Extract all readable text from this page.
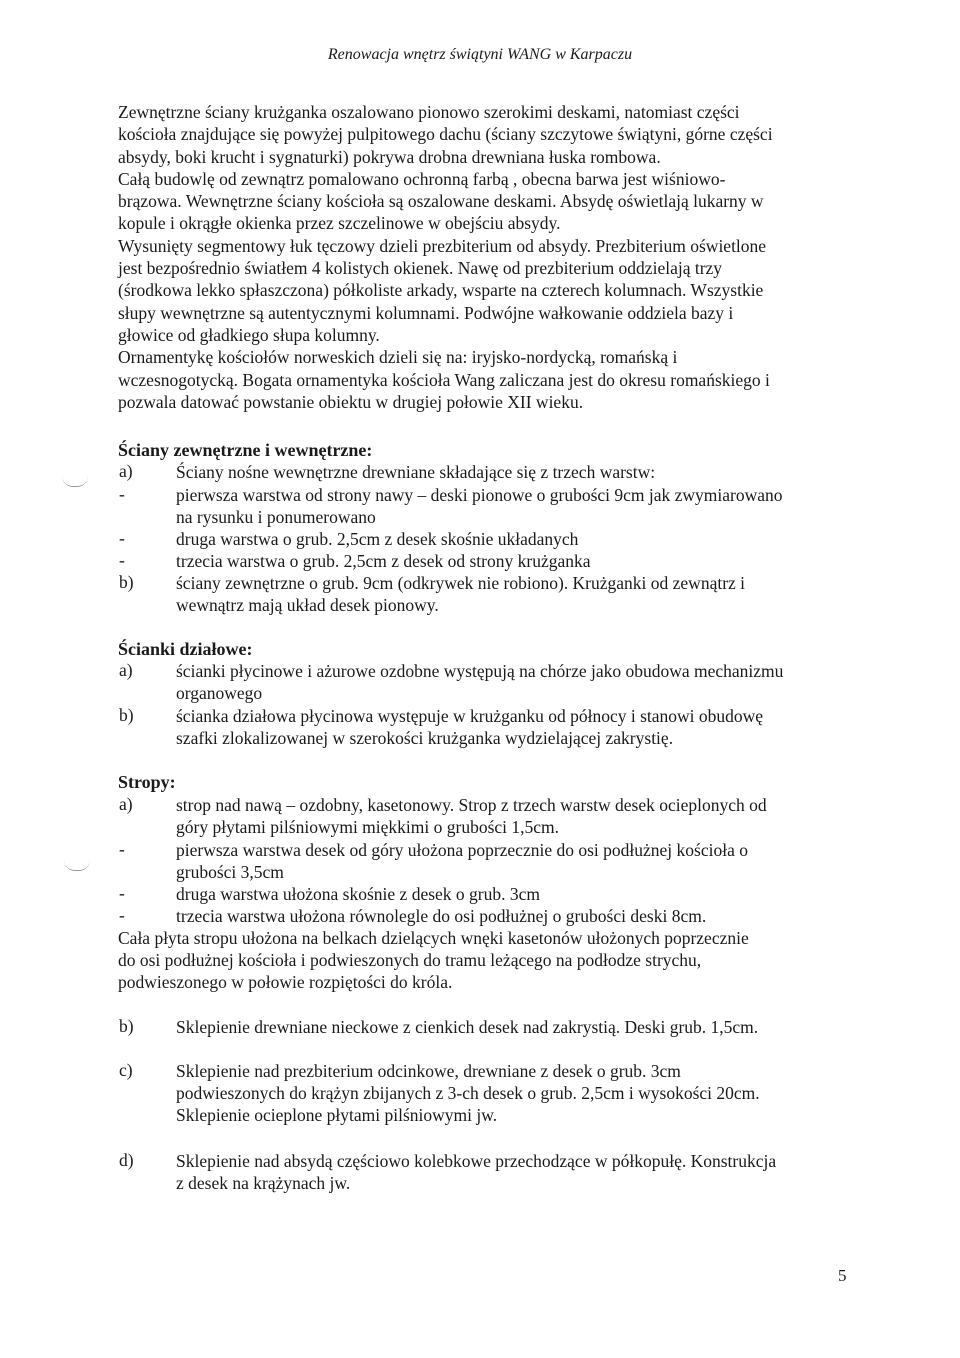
Renowacja wnętrz świątyni WANG w Karpaczu
Zewnętrzne ściany krużganka oszalowano pionowo szerokimi deskami, natomiast części
kościoła znajdujące się powyżej pulpitowego dachu (ściany szczytowe świątyni, górne części
absydy, boki krucht i sygnaturki) pokrywa drobna drewniana łuska rombowa.
Całą budowlę od zewnątrz pomalowano ochronną farbą , obecna barwa jest wiśniowo-
brązowa. Wewnętrzne ściany kościoła są oszalowane deskami. Absydę oświetlają lukarny w
kopule i okrągłe okienka przez szczelinowe w obejściu absydy.
Wysunięty segmentowy łuk tęczowy dzieli prezbiterium od absydy. Prezbiterium oświetlone
jest bezpośrednio światłem 4 kolistych okienek. Nawę od prezbiterium oddzielają trzy
(środkowa lekko spłaszczona) półkoliste arkady, wsparte na czterech kolumnach. Wszystkie
słupy wewnętrzne są autentycznymi kolumnami. Podwójne wałkowanie oddziela bazy i
głowice od gładkiego słupa kolumny.
Ornamentykę kościołów norweskich dzieli się na: iryjsko-nordycką, romańską i
wczesnogotycką. Bogata ornamentyka kościoła Wang zaliczana jest do okresu romańskiego i
pozwala datować powstanie obiektu w drugiej połowie XII wieku.
Ściany zewnętrzne i wewnętrzne:
a) Ściany nośne wewnętrzne drewniane składające się z trzech warstw:
-	pierwsza warstwa od strony nawy – deski pionowe o grubości 9cm jak zwymiarowano
na rysunku i ponumerowano
-	druga warstwa o grub. 2,5cm z desek skośnie układanych
-	trzecia warstwa o grub. 2,5cm z desek od strony krużganka
b) ściany zewnętrzne o grub. 9cm (odkrywek nie robiono). Krużganki od zewnątrz i
wewnątrz mają układ desek pionowy.
Ścianki działowe:
a) ścianki płycinowe i ażurowe ozdobne występują na chórze jako obudowa mechanizmu
organowego
b) ścianka działowa płycinowa występuje w krużganku od północy i stanowi obudowę
szafki zlokalizowanej w szerokości krużganka wydzielającej zakrystię.
Stropy:
a) strop nad nawą – ozdobny, kasetonowy. Strop z trzech warstw desek ocieplonych od
góry płytami pilśniowymi miękkimi o grubości 1,5cm.
-	pierwsza warstwa desek od góry ułożona poprzecznie do osi podłużnej kościoła o
grubości 3,5cm
-	druga warstwa ułożona skośnie z desek o grub. 3cm
-	trzecia warstwa ułożona równolegle do osi podłużnej o grubości deski 8cm.
Cała płyta stropu ułożona na belkach dzielących wnęki kasetonów ułożonych poprzecznie
do osi podłużnej kościoła i podwieszonych do tramu leżącego na podłodze strychu,
podwieszonego w połowie rozpiętości do króla.
b) Sklepienie drewniane nieckowe z cienkich desek nad zakrystią. Deski grub. 1,5cm.
c) Sklepienie nad prezbiterium odcinkowe, drewniane z desek o grub. 3cm
podwieszonych do krążyn zbijanych z 3-ch desek o grub. 2,5cm i wysokości 20cm.
Sklepienie ocieplone płytami pilśniowymi jw.
d) Sklepienie nad absydą częściowo kolebkowe przechodzące w półkopułę. Konstrukcja
z desek na krążynach jw.
5
